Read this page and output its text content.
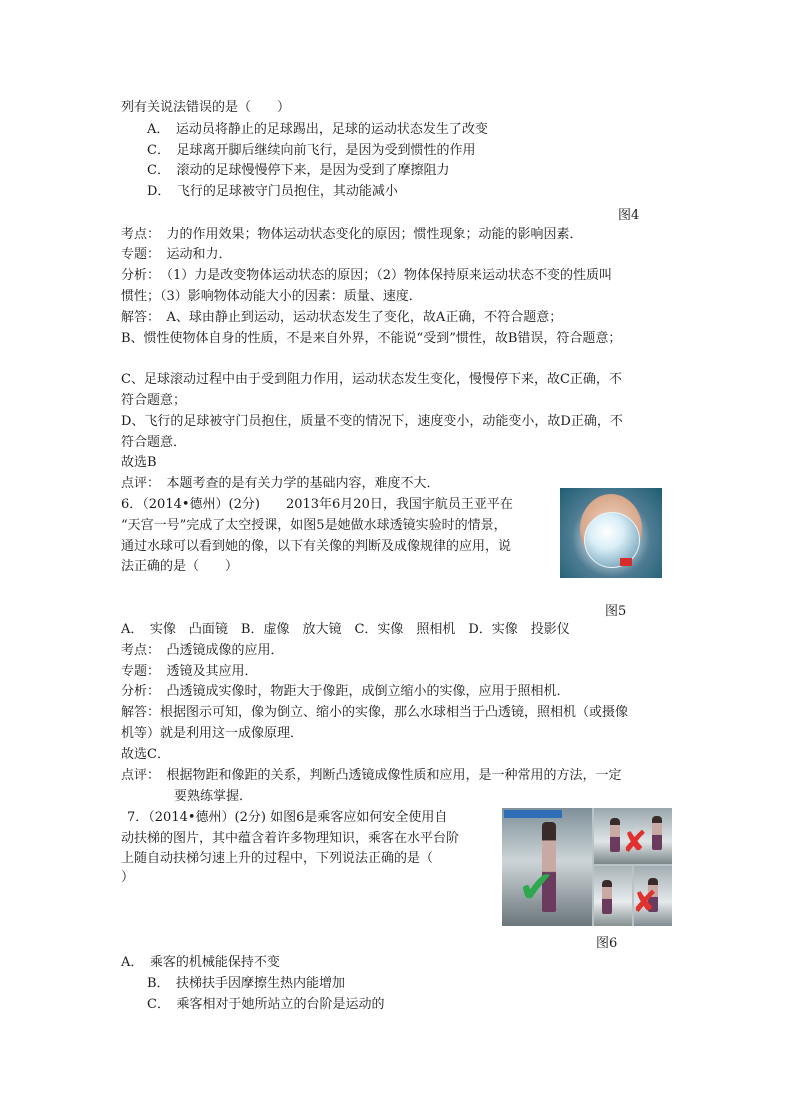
列有关说法错误的是（　　）
A．　运动员将静止的足球踢出，足球的运动状态发生了改变
C．　足球离开脚后继续向前飞行，是因为受到惯性的作用
C．　滚动的足球慢慢停下来，是因为受到了摩擦阻力
D．　飞行的足球被守门员抱住，其动能减小
图4
考点：　力的作用效果；物体运动状态变化的原因；惯性现象；动能的影响因素．
专题：　运动和力．
分析：　（1）力是改变物体运动状态的原因；（2）物体保持原来运动状态不变的性质叫
惯性；（3）影响物体动能大小的因素：质量、速度．
解答：　A、球由静止到运动，运动状态发生了变化，故A正确，不符合题意；
B、惯性使物体自身的性质，不是来自外界，不能说“受到”惯性，故B错误，符合题意；
C、足球滚动过程中由于受到阻力作用，运动状态发生变化，慢慢停下来，故C正确，不
符合题意；
D、飞行的足球被守门员抱住，质量不变的情况下，速度变小，动能变小，故D正确，不
符合题意．
故选B
点评：　本题考查的是有关力学的基础内容，难度不大．
6．（2014•德州）(2分)　　2013年6月20日，我国宇航员王亚平在
“天宫一号”完成了太空授课，如图5是她做水球透镜实验时的情景，
通过水球可以看到她的像，以下有关像的判断及成像规律的应用，说
法正确的是（　　）
图5
A．　实像　凸面镜　B．虚像　放大镜　C．实像　照相机　D．实像　投影仪
考点：　凸透镜成像的应用．
专题：　透镜及其应用．
分析：　凸透镜成实像时，物距大于像距，成倒立缩小的实像，应用于照相机．
解答：根据图示可知，像为倒立、缩小的实像，那么水球相当于凸透镜，照相机（或摄像
机等）就是利用这一成像原理．
故选C．
点评：　根据物距和像距的关系，判断凸透镜成像性质和应用，是一种常用的方法，一定
要熟练掌握．
7．（2014•德州）(2分) 如图6是乘客应如何安全使用自
动扶梯的图片，其中蕴含着许多物理知识，乘客在水平台阶
上随自动扶梯匀速上升的过程中，下列说法正确的是（
）	✔
✘
✘
图6
A．　乘客的机械能保持不变
B．　扶梯扶手因摩擦生热内能增加
C．　乘客相对于她所站立的台阶是运动的
